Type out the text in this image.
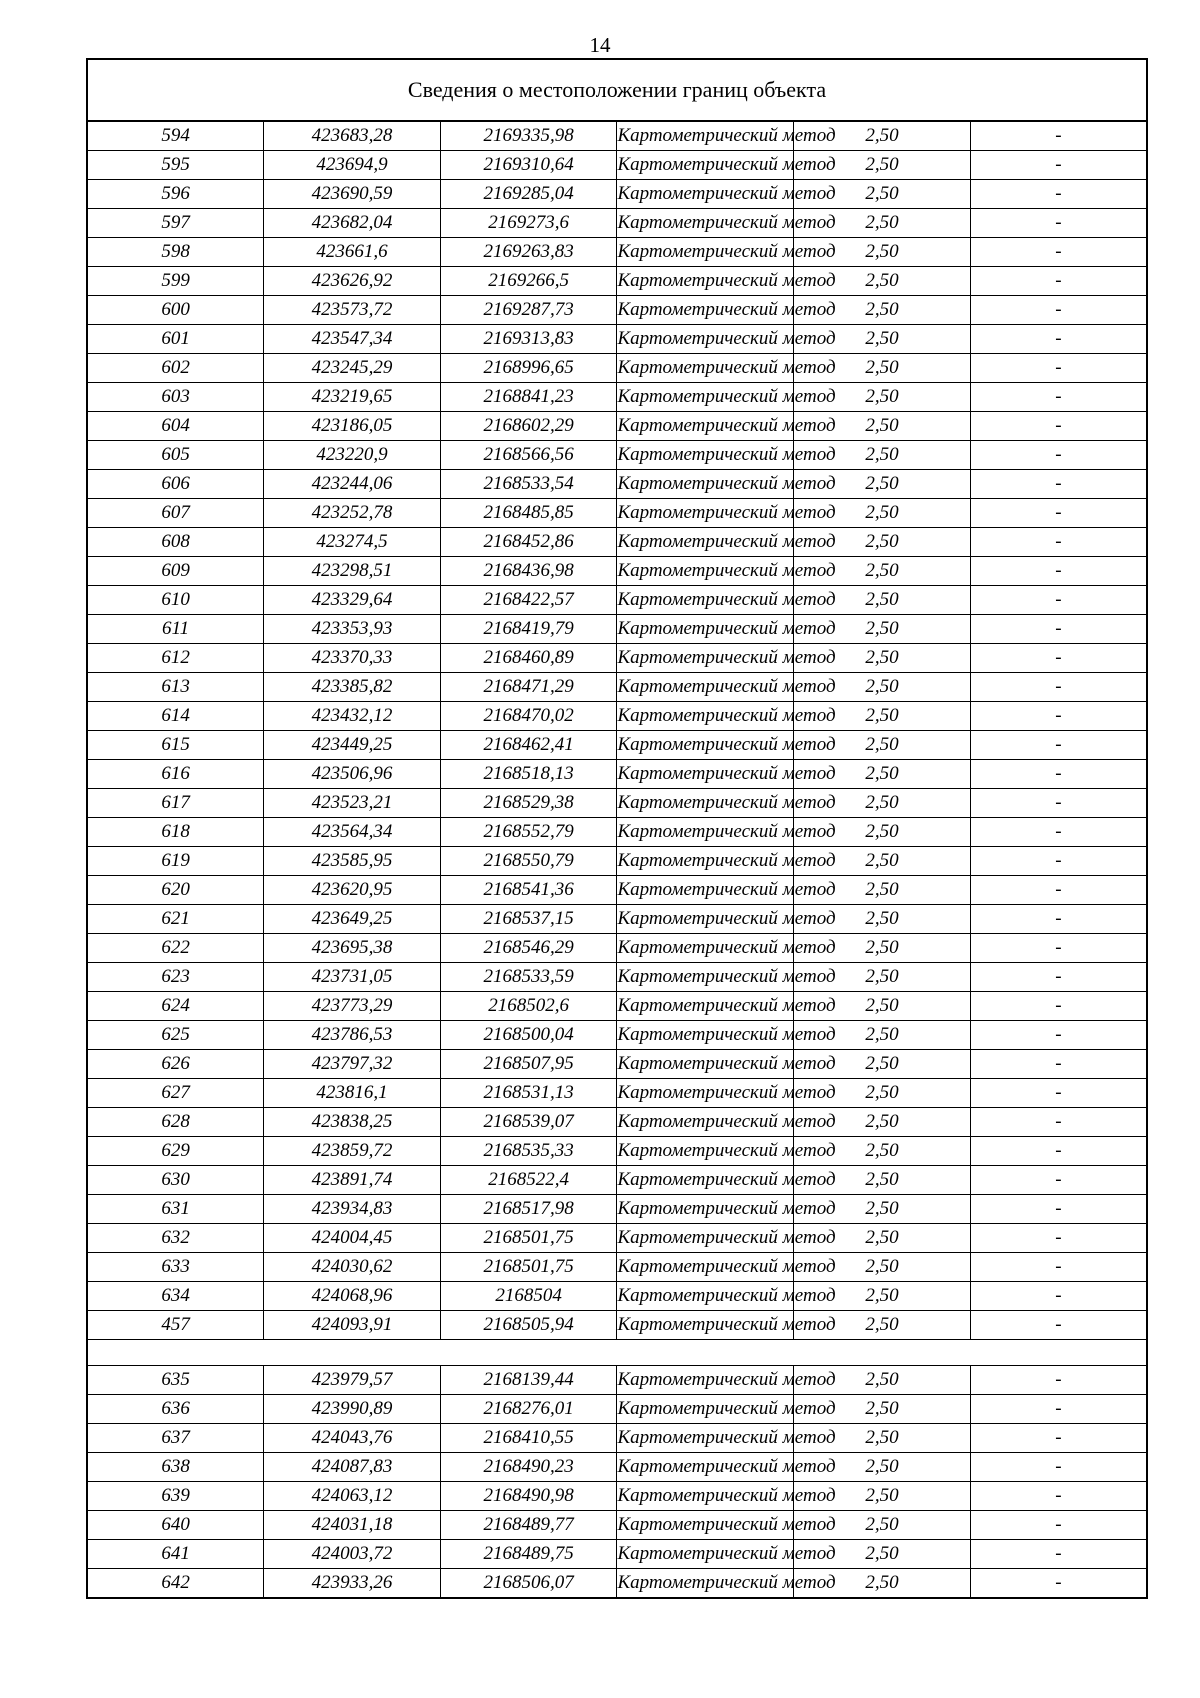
14
Сведения о местоположении границ объекта					
594	423683,28	2169335,98	Картометрический метод	2,50	-
595	423694,9	2169310,64	Картометрический метод	2,50	-
596	423690,59	2169285,04	Картометрический метод	2,50	-
597	423682,04	2169273,6	Картометрический метод	2,50	-
598	423661,6	2169263,83	Картометрический метод	2,50	-
599	423626,92	2169266,5	Картометрический метод	2,50	-
600	423573,72	2169287,73	Картометрический метод	2,50	-
601	423547,34	2169313,83	Картометрический метод	2,50	-
602	423245,29	2168996,65	Картометрический метод	2,50	-
603	423219,65	2168841,23	Картометрический метод	2,50	-
604	423186,05	2168602,29	Картометрический метод	2,50	-
605	423220,9	2168566,56	Картометрический метод	2,50	-
606	423244,06	2168533,54	Картометрический метод	2,50	-
607	423252,78	2168485,85	Картометрический метод	2,50	-
608	423274,5	2168452,86	Картометрический метод	2,50	-
609	423298,51	2168436,98	Картометрический метод	2,50	-
610	423329,64	2168422,57	Картометрический метод	2,50	-
611	423353,93	2168419,79	Картометрический метод	2,50	-
612	423370,33	2168460,89	Картометрический метод	2,50	-
613	423385,82	2168471,29	Картометрический метод	2,50	-
614	423432,12	2168470,02	Картометрический метод	2,50	-
615	423449,25	2168462,41	Картометрический метод	2,50	-
616	423506,96	2168518,13	Картометрический метод	2,50	-
617	423523,21	2168529,38	Картометрический метод	2,50	-
618	423564,34	2168552,79	Картометрический метод	2,50	-
619	423585,95	2168550,79	Картометрический метод	2,50	-
620	423620,95	2168541,36	Картометрический метод	2,50	-
621	423649,25	2168537,15	Картометрический метод	2,50	-
622	423695,38	2168546,29	Картометрический метод	2,50	-
623	423731,05	2168533,59	Картометрический метод	2,50	-
624	423773,29	2168502,6	Картометрический метод	2,50	-
625	423786,53	2168500,04	Картометрический метод	2,50	-
626	423797,32	2168507,95	Картометрический метод	2,50	-
627	423816,1	2168531,13	Картометрический метод	2,50	-
628	423838,25	2168539,07	Картометрический метод	2,50	-
629	423859,72	2168535,33	Картометрический метод	2,50	-
630	423891,74	2168522,4	Картометрический метод	2,50	-
631	423934,83	2168517,98	Картометрический метод	2,50	-
632	424004,45	2168501,75	Картометрический метод	2,50	-
633	424030,62	2168501,75	Картометрический метод	2,50	-
634	424068,96	2168504	Картометрический метод	2,50	-
457	424093,91	2168505,94	Картометрический метод	2,50	-

635	423979,57	2168139,44	Картометрический метод	2,50	-
636	423990,89	2168276,01	Картометрический метод	2,50	-
637	424043,76	2168410,55	Картометрический метод	2,50	-
638	424087,83	2168490,23	Картометрический метод	2,50	-
639	424063,12	2168490,98	Картометрический метод	2,50	-
640	424031,18	2168489,77	Картометрический метод	2,50	-
641	424003,72	2168489,75	Картометрический метод	2,50	-
642	423933,26	2168506,07	Картометрический метод	2,50	-
